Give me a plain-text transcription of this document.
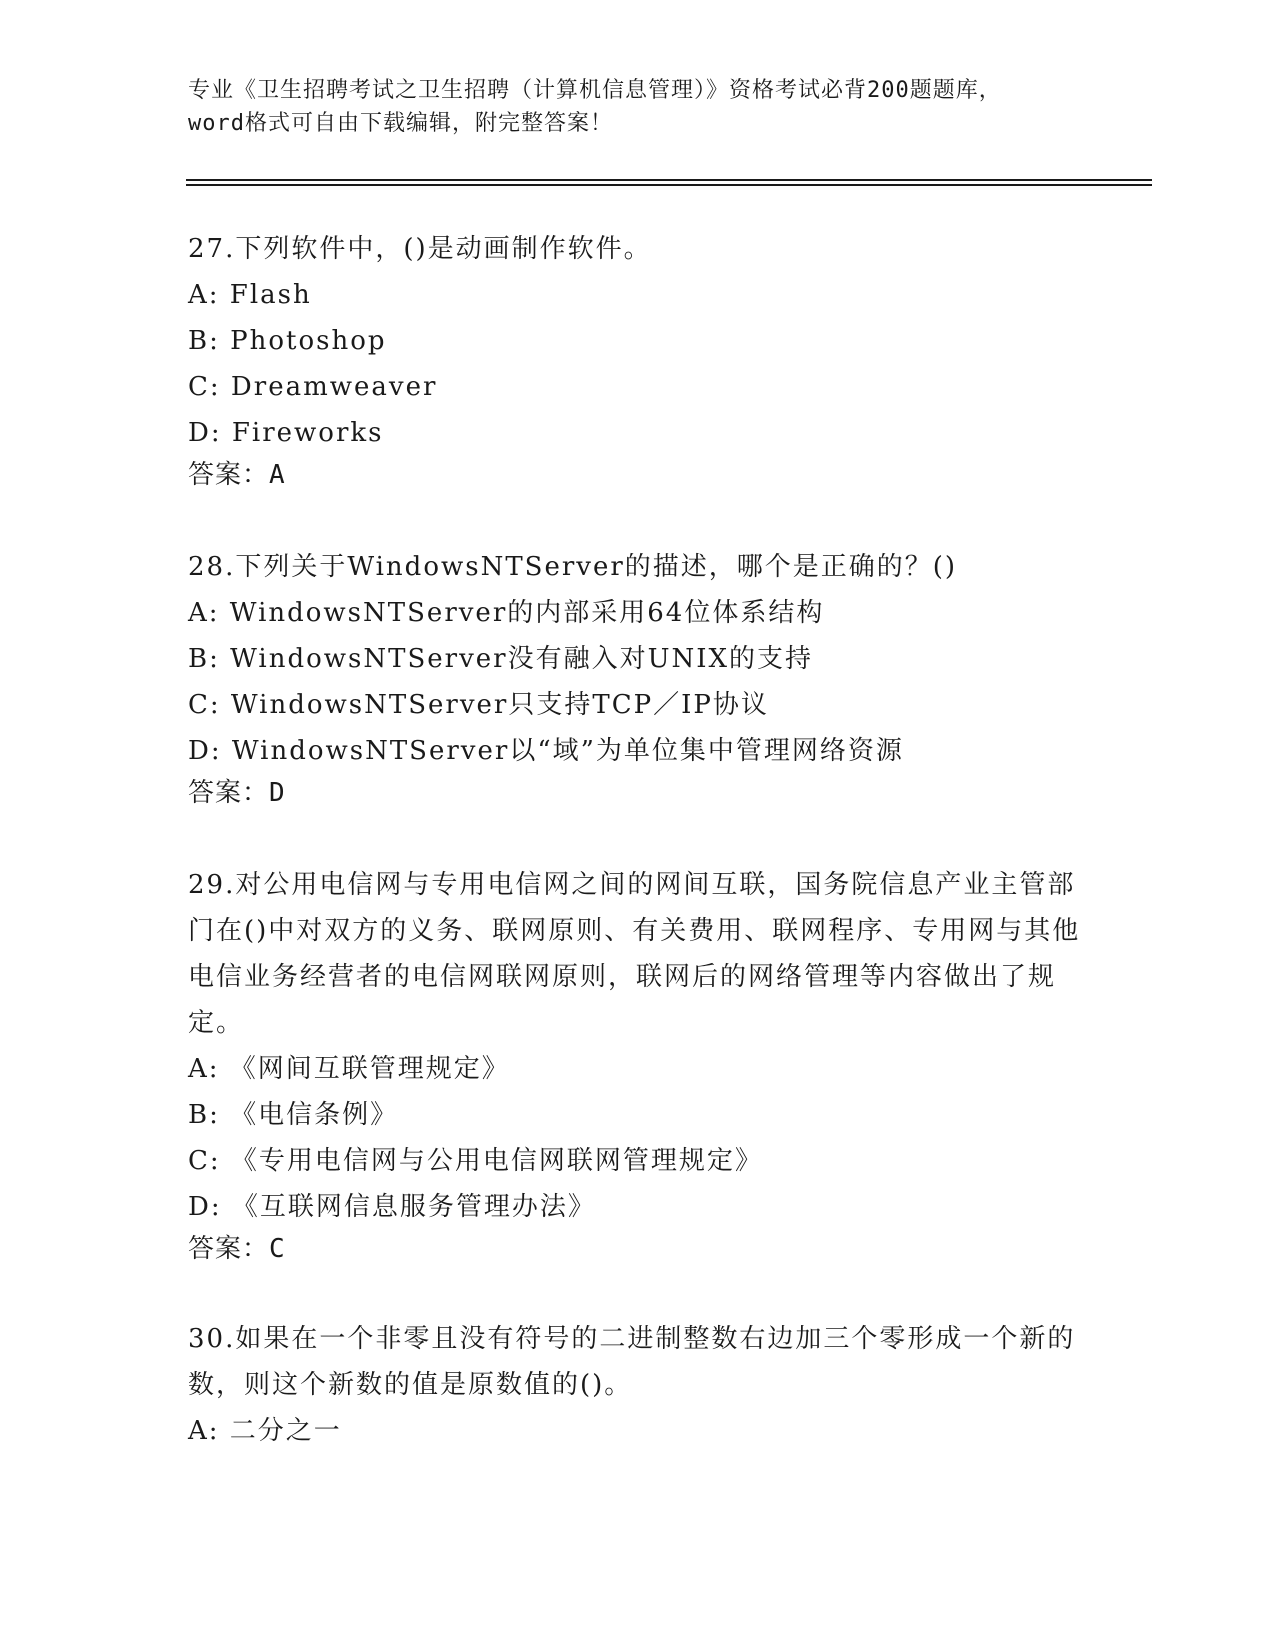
专业《卫生招聘考试之卫生招聘（计算机信息管理）》资格考试必背200题题库，
word格式可自由下载编辑，附完整答案！
27.下列软件中，()是动画制作软件。
A: Flash
B: Photoshop
C: Dreamweaver
D: Fireworks
答案：A
28.下列关于WindowsNTServer的描述，哪个是正确的？()
A: WindowsNTServer的内部采用64位体系结构
B: WindowsNTServer没有融入对UNIX的支持
C: WindowsNTServer只支持TCP／IP协议
D: WindowsNTServer以“域”为单位集中管理网络资源
答案：D
29.对公用电信网与专用电信网之间的网间互联，国务院信息产业主管部门在()中对双方的义务、联网原则、有关费用、联网程序、专用网与其他电信业务经营者的电信网联网原则，联网后的网络管理等内容做出了规定。
A: 《网间互联管理规定》
B: 《电信条例》
C: 《专用电信网与公用电信网联网管理规定》
D: 《互联网信息服务管理办法》
答案：C
30.如果在一个非零且没有符号的二进制整数右边加三个零形成一个新的数，则这个新数的值是原数值的()。
A: 二分之一
